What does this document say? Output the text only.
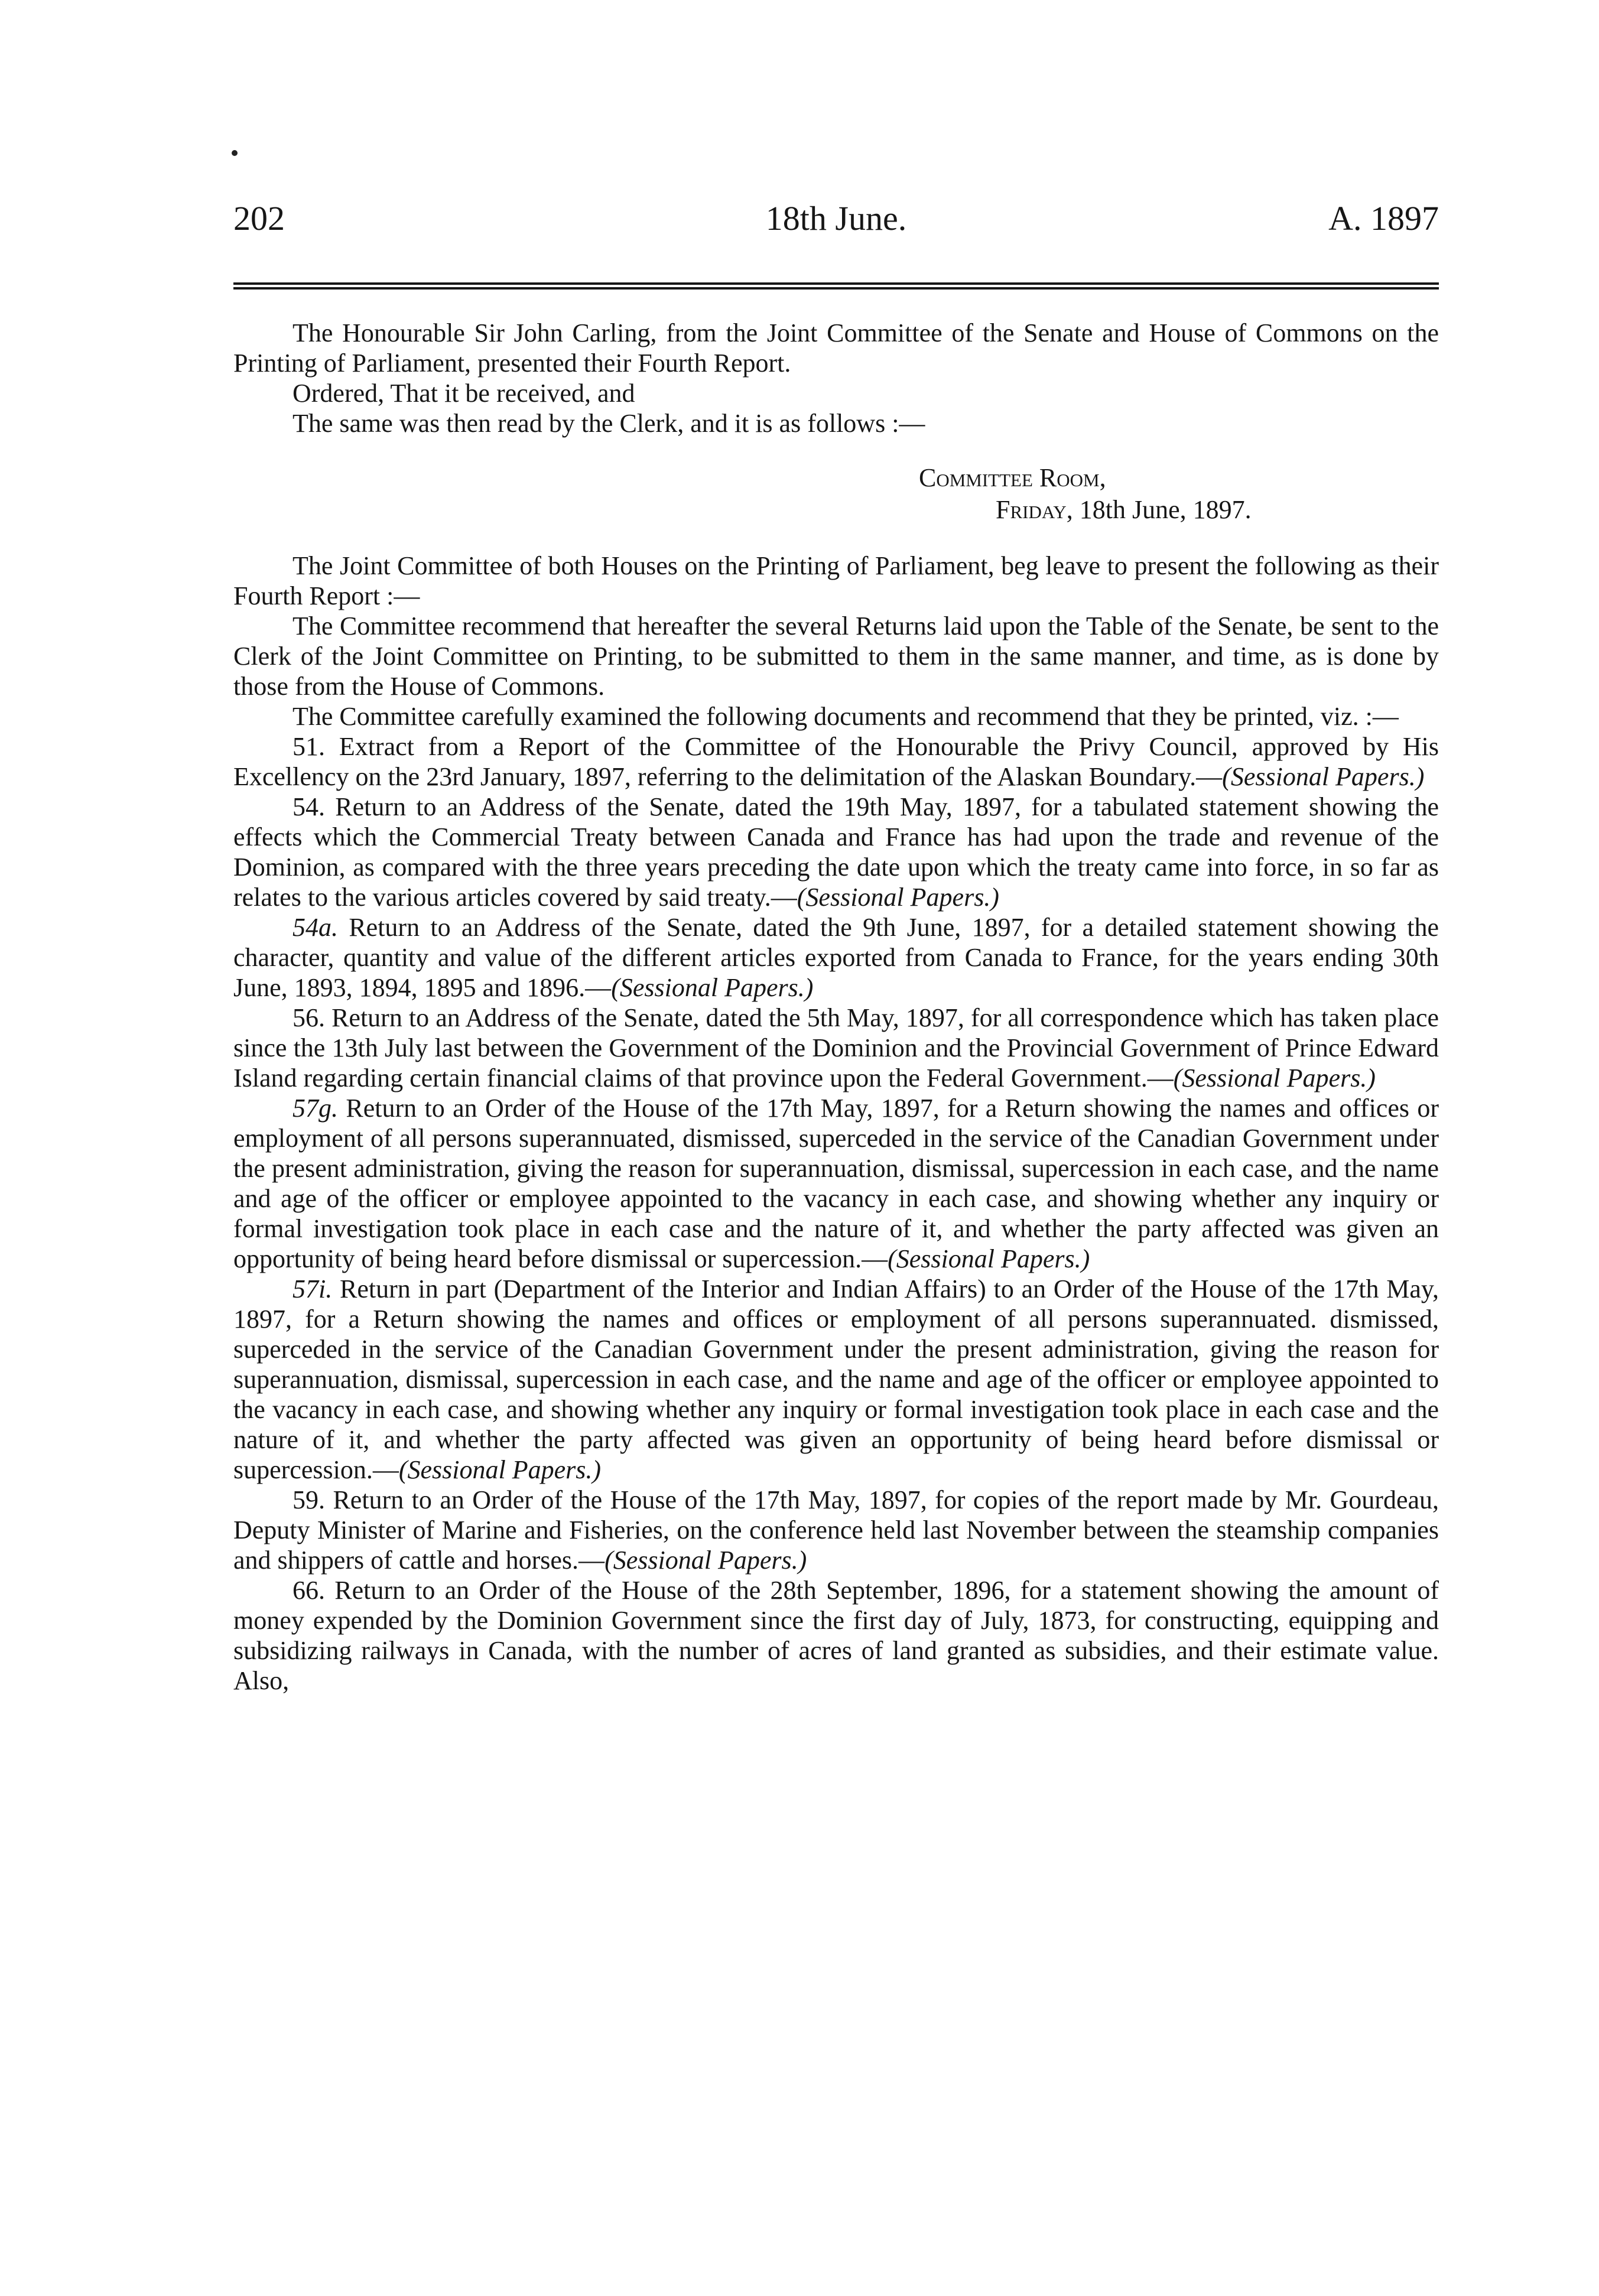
202	18th June.	A. 1897

The Honourable Sir John Carling, from the Joint Committee of the Senate and House of Commons on the Printing of Parliament, presented their Fourth Report.

Ordered, That it be received, and

The same was then read by the Clerk, and it is as follows :—

Committee Room,
Friday, 18th June, 1897.

The Joint Committee of both Houses on the Printing of Parliament, beg leave to present the following as their Fourth Report :—

The Committee recommend that hereafter the several Returns laid upon the Table of the Senate, be sent to the Clerk of the Joint Committee on Printing, to be submitted to them in the same manner, and time, as is done by those from the House of Commons.

The Committee carefully examined the following documents and recommend that they be printed, viz. :—

51. Extract from a Report of the Committee of the Honourable the Privy Council, approved by His Excellency on the 23rd January, 1897, referring to the delimitation of the Alaskan Boundary.—(Sessional Papers.)

54. Return to an Address of the Senate, dated the 19th May, 1897, for a tabulated statement showing the effects which the Commercial Treaty between Canada and France has had upon the trade and revenue of the Dominion, as compared with the three years preceding the date upon which the treaty came into force, in so far as relates to the various articles covered by said treaty.—(Sessional Papers.)

54a. Return to an Address of the Senate, dated the 9th June, 1897, for a detailed statement showing the character, quantity and value of the different articles exported from Canada to France, for the years ending 30th June, 1893, 1894, 1895 and 1896.—(Sessional Papers.)

56. Return to an Address of the Senate, dated the 5th May, 1897, for all correspondence which has taken place since the 13th July last between the Government of the Dominion and the Provincial Government of Prince Edward Island regarding certain financial claims of that province upon the Federal Government.—(Sessional Papers.)

57g. Return to an Order of the House of the 17th May, 1897, for a Return showing the names and offices or employment of all persons superannuated, dismissed, superceded in the service of the Canadian Government under the present administration, giving the reason for superannuation, dismissal, supercession in each case, and the name and age of the officer or employee appointed to the vacancy in each case, and showing whether any inquiry or formal investigation took place in each case and the nature of it, and whether the party affected was given an opportunity of being heard before dismissal or supercession.—(Sessional Papers.)

57i. Return in part (Department of the Interior and Indian Affairs) to an Order of the House of the 17th May, 1897, for a Return showing the names and offices or employment of all persons superannuated. dismissed, superceded in the service of the Canadian Government under the present administration, giving the reason for superannuation, dismissal, supercession in each case, and the name and age of the officer or employee appointed to the vacancy in each case, and showing whether any inquiry or formal investigation took place in each case and the nature of it, and whether the party affected was given an opportunity of being heard before dismissal or supercession.—(Sessional Papers.)

59. Return to an Order of the House of the 17th May, 1897, for copies of the report made by Mr. Gourdeau, Deputy Minister of Marine and Fisheries, on the conference held last November between the steamship companies and shippers of cattle and horses.—(Sessional Papers.)

66. Return to an Order of the House of the 28th September, 1896, for a statement showing the amount of money expended by the Dominion Government since the first day of July, 1873, for constructing, equipping and subsidizing railways in Canada, with the number of acres of land granted as subsidies, and their estimate value. Also,
